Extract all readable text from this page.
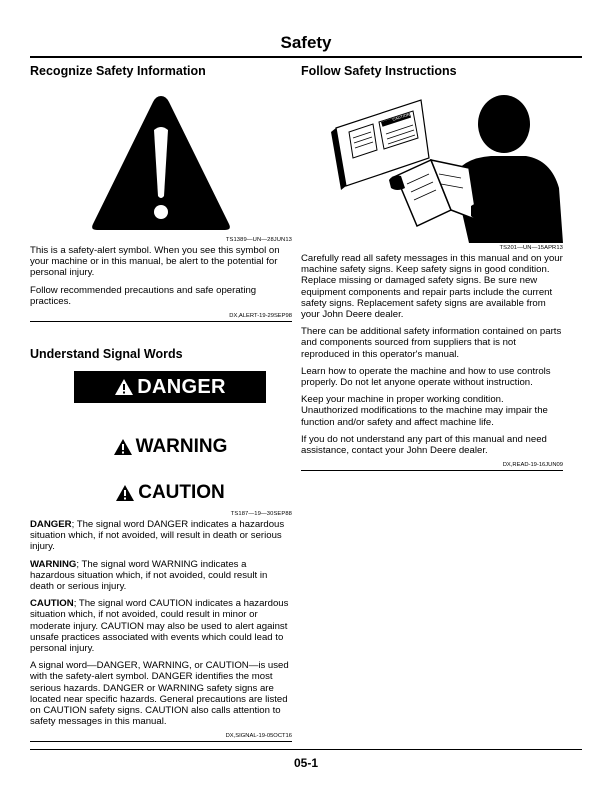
Safety
Recognize Safety Information
TS1389—UN—28JUN13

This is a safety-alert symbol. When you see this symbol on your machine or in this manual, be alert to the potential for personal injury.

Follow recommended precautions and safe operating practices.

DX,ALERT-19-29SEP98
Understand Signal Words
DANGER
WARNING
CAUTION
TS187—19—30SEP88

DANGER; The signal word DANGER indicates a hazardous situation which, if not avoided, will result in death or serious injury.

WARNING; The signal word WARNING indicates a hazardous situation which, if not avoided, could result in death or serious injury.

CAUTION; The signal word CAUTION indicates a hazardous situation which, if not avoided, could result in minor or moderate injury. CAUTION may also be used to alert against unsafe practices associated with events which could lead to personal injury.

A signal word—DANGER, WARNING, or CAUTION—is used with the safety-alert symbol. DANGER identifies the most serious hazards. DANGER or WARNING safety signs are located near specific hazards. General precautions are listed on CAUTION safety signs. CAUTION also calls attention to safety messages in this manual.

DX,SIGNAL-19-05OCT16
Follow Safety Instructions
CAUTION
TS201—UN—15APR13

Carefully read all safety messages in this manual and on your machine safety signs. Keep safety signs in good condition. Replace missing or damaged safety signs. Be sure new equipment components and repair parts include the current safety signs. Replacement safety signs are available from your John Deere dealer.

There can be additional safety information contained on parts and components sourced from suppliers that is not reproduced in this operator's manual.

Learn how to operate the machine and how to use controls properly. Do not let anyone operate without instruction.

Keep your machine in proper working condition. Unauthorized modifications to the machine may impair the function and/or safety and affect machine life.

If you do not understand any part of this manual and need assistance, contact your John Deere dealer.

DX,READ-19-16JUN09
05-1
